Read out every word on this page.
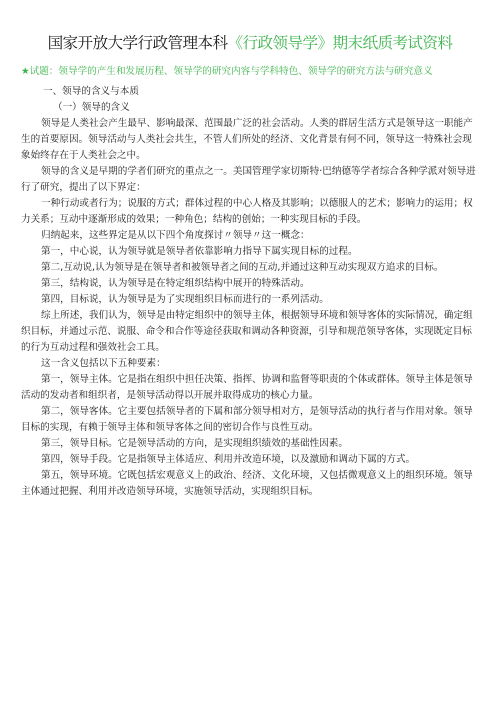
国家开放大学行政管理本科《行政领导学》期末纸质考试资料
★试题：领导学的产生和发展历程、领导学的研究内容与学科特色、领导学的研究方法与研究意义
一、领导的含义与本质
（一）领导的含义

领导是人类社会产生最早、影响最深、范围最广泛的社会活动。人类的群居生活方式是领导这一职能产生的首要原因。领导活动与人类社会共生，不管人们所处的经济、文化背景有何不同，领导这一特殊社会现象始终存在于人类社会之中。

领导的含义是早期的学者们研究的重点之一。美国管理学家切斯特·巴纳德等学者综合各种学派对领导进行了研究，提出了以下界定：

一种行动或者行为；说服的方式；群体过程的中心人格及其影响；以德服人的艺术；影响力的运用；权力关系；互动中逐渐形成的效果；一种角色；结构的创始；一种实现目标的手段。

归纳起来，这些界定是从以下四个角度探讨〃领导〃这一概念：

第一，中心说，认为领导就是领导者依靠影响力指导下属实现目标的过程。

第二,互动说,认为领导是在领导者和被领导者之间的互动,并通过这种互动实现双方追求的目标。

第三，结构说，认为领导是在特定组织结构中展开的特殊活动。

第四，目标说，认为领导是为了实现组织目标而进行的一系列活动。

综上所述，我们认为，领导是由特定组织中的领导主体，根据领导环境和领导客体的实际情况，确定组织目标，并通过示范、说服、命令和合作等途径获取和调动各种资源，引导和规范领导客体，实现既定目标的行为互动过程和强效社会工具。

这一含义包括以下五种要素：

第一，领导主体。它是指在组织中担任决策、指挥、协调和监督等职责的个体或群体。领导主体是领导活动的发动者和组织者，是领导活动得以开展并取得成功的核心力量。

第二，领导客体。它主要包括领导者的下属和部分领导相对方，是领导活动的执行者与作用对象。领导目标的实现，有赖于领导主体和领导客体之间的密切合作与良性互动。

第三，领导目标。它是领导活动的方向，是实现组织绩效的基础性因素。

第四，领导手段。它是指领导主体适应、利用并改造环境，以及激励和调动下属的方式。

第五，领导环境。它既包括宏观意义上的政治、经济、文化环境，又包括微观意义上的组织环境。领导主体通过把握、利用并改造领导环境，实施领导活动，实现组织目标。
